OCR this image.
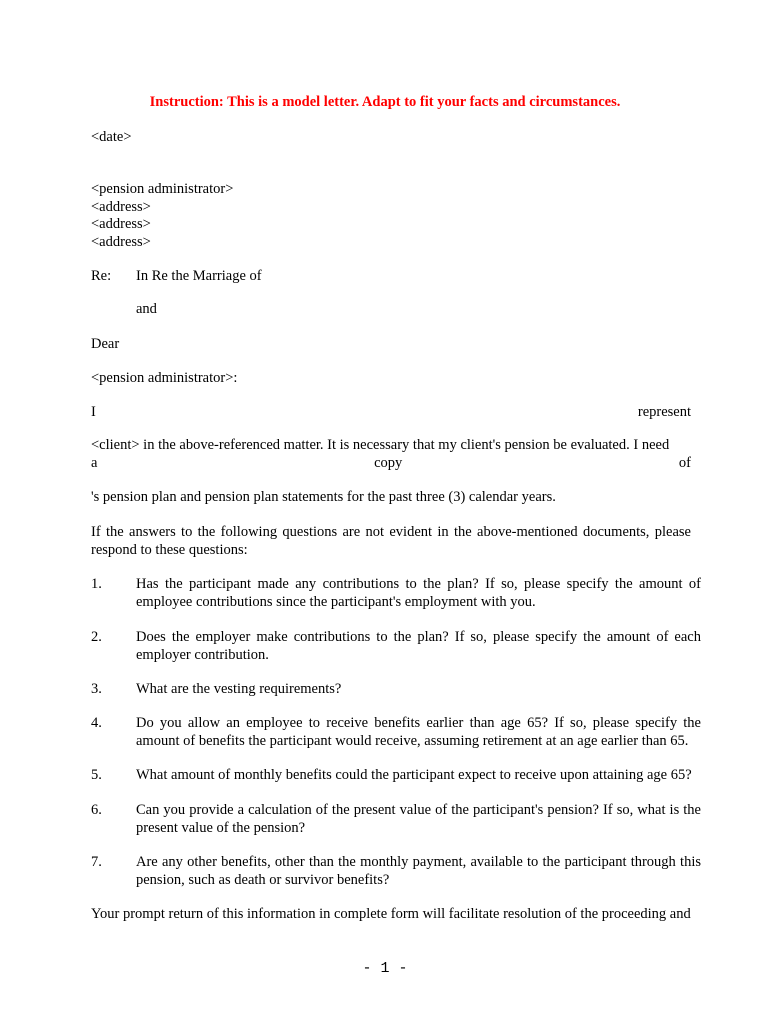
Instruction: This is a model letter. Adapt to fit your facts and circumstances.
<date>
<pension administrator>
<address>
<address>
<address>
Re: In Re the Marriage of
and
Dear
<pension administrator>:
I	represent
<client> in the above-referenced matter. It is necessary that my client's pension be evaluated. I need
a	copy	of
's pension plan and pension plan statements for the past three (3) calendar years.
If the answers to the following questions are not evident in the above-mentioned documents, please respond to these questions:
1. Has the participant made any contributions to the plan? If so, please specify the amount of employee contributions since the participant's employment with you.
2. Does the employer make contributions to the plan? If so, please specify the amount of each employer contribution.
3. What are the vesting requirements?
4. Do you allow an employee to receive benefits earlier than age 65? If so, please specify the amount of benefits the participant would receive, assuming retirement at an age earlier than 65.
5. What amount of monthly benefits could the participant expect to receive upon attaining age 65?
6. Can you provide a calculation of the present value of the participant's pension? If so, what is the present value of the pension?
7. Are any other benefits, other than the monthly payment, available to the participant through this pension, such as death or survivor benefits?
Your prompt return of this information in complete form will facilitate resolution of the proceeding and
- 1 -
